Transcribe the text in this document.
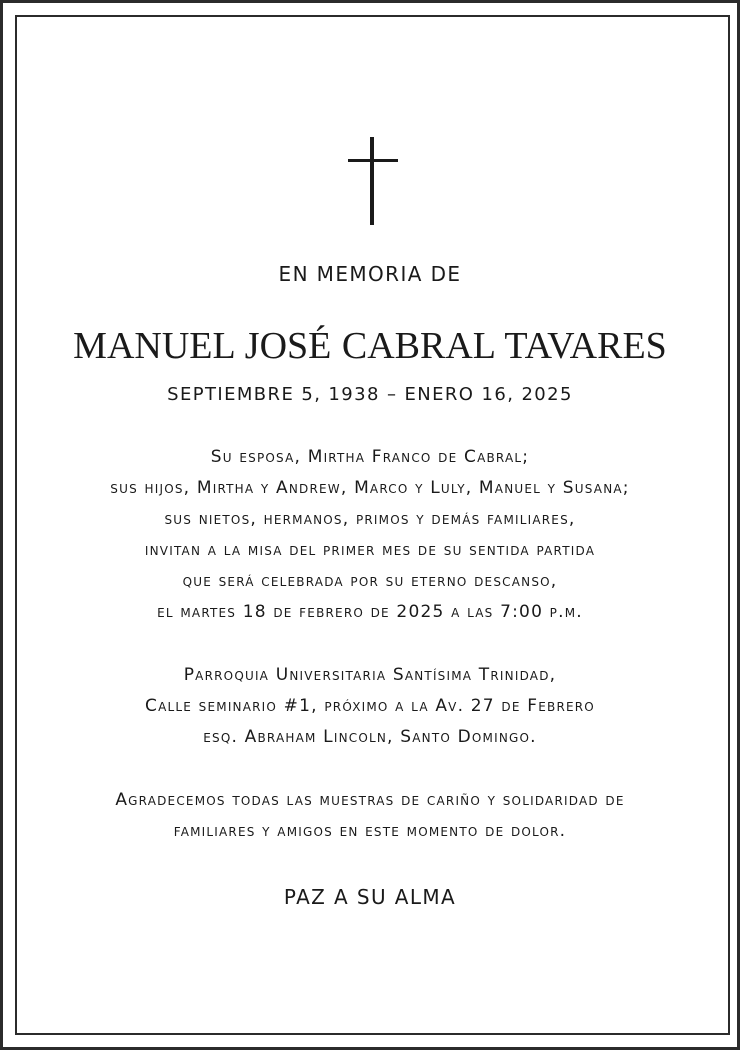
EN MEMORIA DE
MANUEL JOSÉ CABRAL TAVARES
SEPTIEMBRE 5, 1938 – ENERO 16, 2025
Su esposa, Mirtha Franco de Cabral;
sus hijos, Mirtha y Andrew, Marco y Luly, Manuel y Susana;
sus nietos, hermanos, primos y demás familiares,
invitan a la misa del primer mes de su sentida partida
que será celebrada por su eterno descanso,
el martes 18 de febrero de 2025 a las 7:00 p.m.
Parroquia Universitaria Santísima Trinidad,
Calle seminario #1, próximo a la Av. 27 de Febrero
esq. Abraham Lincoln, Santo Domingo.
Agradecemos todas las muestras de cariño y solidaridad de
familiares y amigos en este momento de dolor.
PAZ A SU ALMA
